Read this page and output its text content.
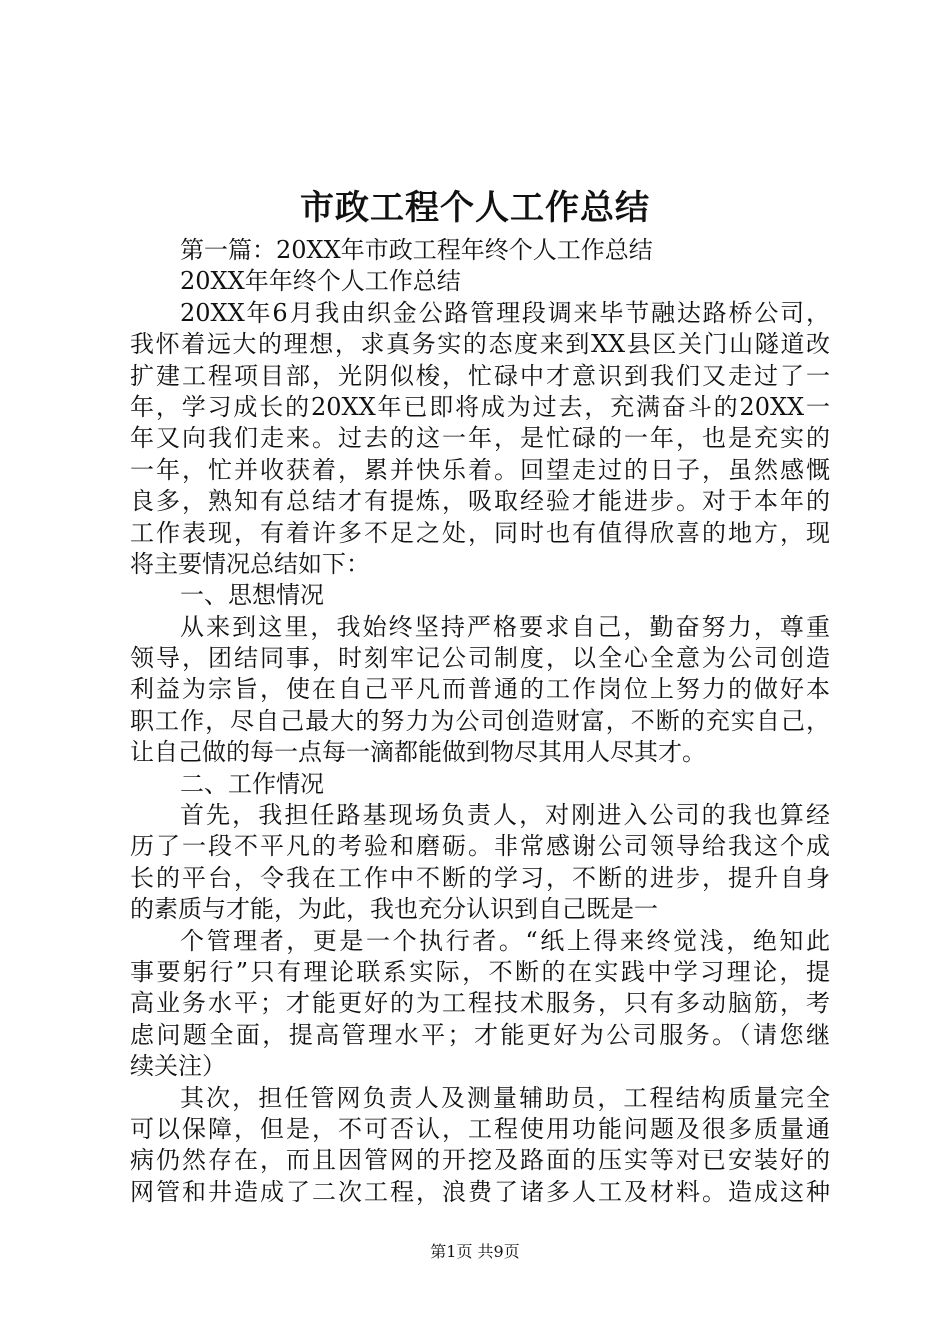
市政工程个人工作总结
第一篇：20XX年市政工程年终个人工作总结
20XX年年终个人工作总结
20XX年6月我由织金公路管理段调来毕节融达路桥公司，
我怀着远大的理想，求真务实的态度来到XX县区关门山隧道改
扩建工程项目部，光阴似梭，忙碌中才意识到我们又走过了一
年，学习成长的20XX年已即将成为过去，充满奋斗的20XX一
年又向我们走来。过去的这一年，是忙碌的一年，也是充实的
一年，忙并收获着，累并快乐着。回望走过的日子，虽然感慨
良多，熟知有总结才有提炼，吸取经验才能进步。对于本年的
工作表现，有着许多不足之处，同时也有值得欣喜的地方，现
将主要情况总结如下：
一、思想情况
从来到这里，我始终坚持严格要求自己，勤奋努力，尊重
领导，团结同事，时刻牢记公司制度，以全心全意为公司创造
利益为宗旨，使在自己平凡而普通的工作岗位上努力的做好本
职工作，尽自己最大的努力为公司创造财富，不断的充实自己，
让自己做的每一点每一滴都能做到物尽其用人尽其才。
二、工作情况
首先，我担任路基现场负责人，对刚进入公司的我也算经
历了一段不平凡的考验和磨砺。非常感谢公司领导给我这个成
长的平台，令我在工作中不断的学习，不断的进步，提升自身
的素质与才能，为此，我也充分认识到自己既是一
个管理者，更是一个执行者。“纸上得来终觉浅，绝知此
事要躬行”只有理论联系实际，不断的在实践中学习理论，提
高业务水平；才能更好的为工程技术服务，只有多动脑筋，考
虑问题全面，提高管理水平；才能更好为公司服务。（请您继
续关注）
其次，担任管网负责人及测量辅助员，工程结构质量完全
可以保障，但是，不可否认，工程使用功能问题及很多质量通
病仍然存在，而且因管网的开挖及路面的压实等对已安装好的
网管和井造成了二次工程，浪费了诸多人工及材料。造成这种
第1页 共9页
